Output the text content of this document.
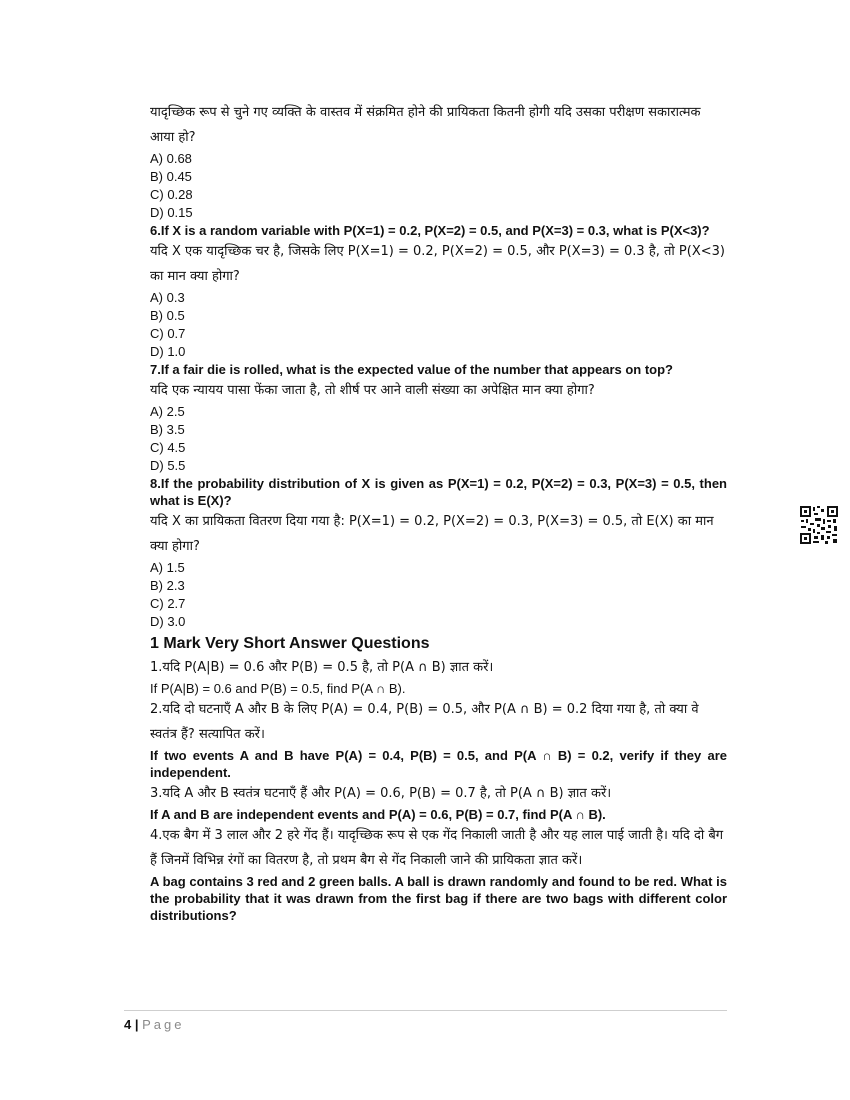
यादृच्छिक रूप से चुने गए व्यक्ति के वास्तव में संक्रमित होने की प्रायिकता कितनी होगी यदि उसका परीक्षण सकारात्मक आया हो?

A) 0.68

B) 0.45

C) 0.28

D) 0.15

6.If X is a random variable with P(X=1) = 0.2, P(X=2) = 0.5, and P(X=3) = 0.3, what is P(X<3)?

यदि X एक यादृच्छिक चर है, जिसके लिए P(X=1) = 0.2, P(X=2) = 0.5, और P(X=3) = 0.3 है, तो P(X<3) का मान क्या होगा?

A) 0.3

B) 0.5

C) 0.7

D) 1.0

7.If a fair die is rolled, what is the expected value of the number that appears on top?

यदि एक न्यायय पासा फेंका जाता है, तो शीर्ष पर आने वाली संख्या का अपेक्षित मान क्या होगा?

A) 2.5

B) 3.5

C) 4.5

D) 5.5

8.If the probability distribution of X is given as P(X=1) = 0.2, P(X=2) = 0.3, P(X=3) = 0.5, then what is E(X)?

यदि X का प्रायिकता वितरण दिया गया है: P(X=1) = 0.2, P(X=2) = 0.3, P(X=3) = 0.5, तो E(X) का मान क्या होगा?

A) 1.5

B) 2.3

C) 2.7

D) 3.0

1 Mark Very Short Answer Questions

1.यदि P(A|B) = 0.6 और P(B) = 0.5 है, तो P(A ∩ B) ज्ञात करें।

If P(A|B) = 0.6 and P(B) = 0.5, find P(A ∩ B).

2.यदि दो घटनाएँ A और B के लिए P(A) = 0.4, P(B) = 0.5, और P(A ∩ B) = 0.2 दिया गया है, तो क्या वे स्वतंत्र हैं? सत्यापित करें।

If two events A and B have P(A) = 0.4, P(B) = 0.5, and P(A ∩ B) = 0.2, verify if they are independent.

3.यदि A और B स्वतंत्र घटनाएँ हैं और P(A) = 0.6, P(B) = 0.7 है, तो P(A ∩ B) ज्ञात करें।

If A and B are independent events and P(A) = 0.6, P(B) = 0.7, find P(A ∩ B).

4.एक बैग में 3 लाल और 2 हरे गेंद हैं। यादृच्छिक रूप से एक गेंद निकाली जाती है और यह लाल पाई जाती है। यदि दो बैग हैं जिनमें विभिन्न रंगों का वितरण है, तो प्रथम बैग से गेंद निकाली जाने की प्रायिकता ज्ञात करें।

A bag contains 3 red and 2 green balls. A ball is drawn randomly and found to be red. What is the probability that it was drawn from the first bag if there are two bags with different color distributions?

4 | Page
